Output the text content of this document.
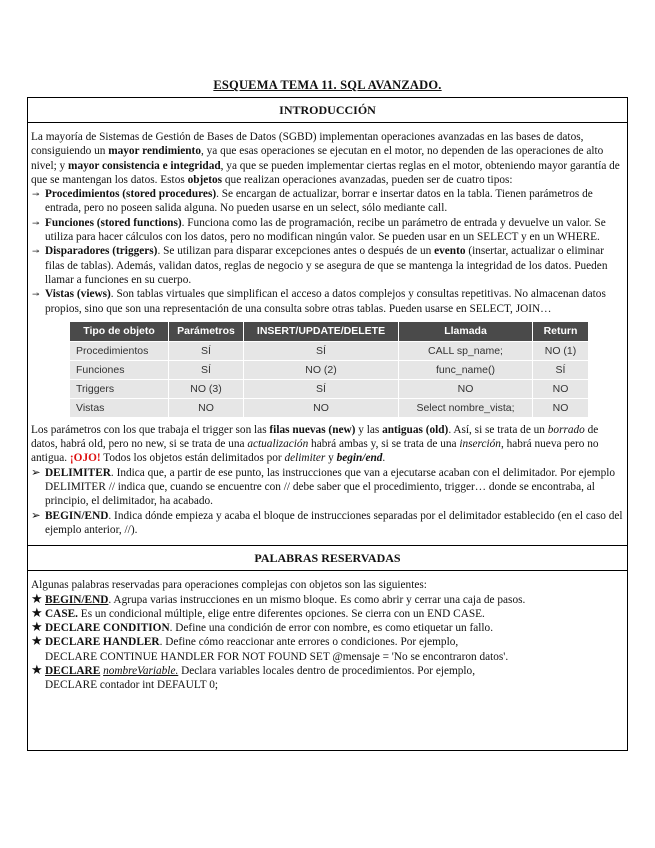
ESQUEMA TEMA 11. SQL AVANZADO.
INTRODUCCIÓN

La mayoría de Sistemas de Gestión de Bases de Datos (SGBD) implementan operaciones avanzadas en las bases de datos, consiguiendo un mayor rendimiento, ya que esas operaciones se ejecutan en el motor, no dependen de las operaciones de alto nivel; y mayor consistencia e integridad, ya que se pueden implementar ciertas reglas en el motor, obteniendo mayor garantía de que se mantengan los datos. Estos objetos que realizan operaciones avanzadas, pueden ser de cuatro tipos:

↠ Procedimientos (stored procedures). Se encargan de actualizar, borrar e insertar datos en la tabla. Tienen parámetros de entrada, pero no poseen salida alguna. No pueden usarse en un select, sólo mediante call.
↠ Funciones (stored functions). Funciona como las de programación, recibe un parámetro de entrada y devuelve un valor. Se utiliza para hacer cálculos con los datos, pero no modifican ningún valor. Se pueden usar en un SELECT y en un WHERE.
↠ Disparadores (triggers). Se utilizan para disparar excepciones antes o después de un evento (insertar, actualizar o eliminar filas de tablas). Además, validan datos, reglas de negocio y se asegura de que se mantenga la integridad de los datos. Pueden llamar a funciones en su cuerpo.
↠ Vistas (views). Son tablas virtuales que simplifican el acceso a datos complejos y consultas repetitivas. No almacenan datos propios, sino que son una representación de una consulta sobre otras tablas. Pueden usarse en SELECT, JOIN…
Tipo de objeto	Parámetros	INSERT/UPDATE/DELETE	Llamada	Return
Procedimientos	SÍ	SÍ	CALL sp_name;	NO (1)
Funciones	SÍ	NO (2)	func_name()	SÍ
Triggers	NO (3)	SÍ	NO	NO
Vistas	NO	NO	Select nombre_vista;	NO

Los parámetros con los que trabaja el trigger son las filas nuevas (new) y las antiguas (old). Así, si se trata de un borrado de datos, habrá old, pero no new, si se trata de una actualización habrá ambas y, si se trata de una inserción, habrá nueva pero no antigua. ¡OJO! Todos los objetos están delimitados por delimiter y begin/end.

➢ DELIMITER. Indica que, a partir de ese punto, las instrucciones que van a ejecutarse acaban con el delimitador. Por ejemplo DELIMITER // indica que, cuando se encuentre con // debe saber que el procedimiento, trigger… donde se encontraba, al principio, el delimitador, ha acabado.
➢ BEGIN/END. Indica dónde empieza y acaba el bloque de instrucciones separadas por el delimitador establecido (en el caso del ejemplo anterior, //).
PALABRAS RESERVADAS

Algunas palabras reservadas para operaciones complejas con objetos son las siguientes:

★ BEGIN/END. Agrupa varias instrucciones en un mismo bloque. Es como abrir y cerrar una caja de pasos.
★ CASE. Es un condicional múltiple, elige entre diferentes opciones. Se cierra con un END CASE.
★ DECLARE CONDITION. Define una condición de error con nombre, es como etiquetar un fallo.
★ DECLARE HANDLER. Define cómo reaccionar ante errores o condiciones. Por ejemplo,
DECLARE CONTINUE HANDLER FOR NOT FOUND SET @mensaje = 'No se encontraron datos'.
★ DECLARE nombreVariable. Declara variables locales dentro de procedimientos. Por ejemplo,
DECLARE contador int DEFAULT 0;
